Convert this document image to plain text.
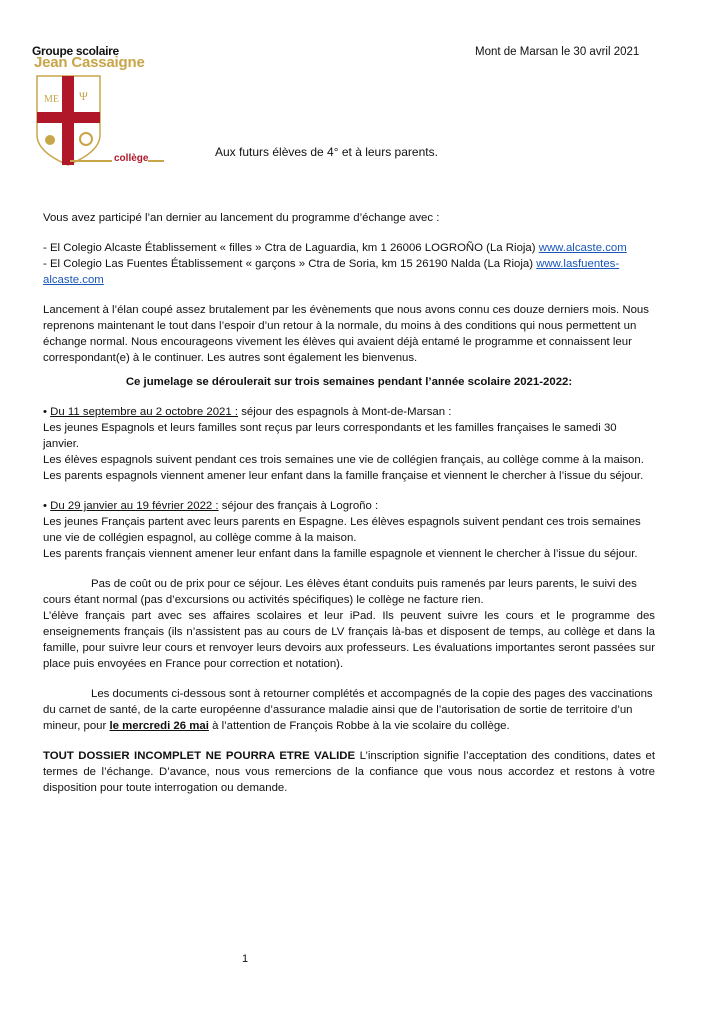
ME Ψ
Groupe scolaire
Jean Cassaigne
collège
Mont de Marsan le 30 avril 2021
Aux futurs élèves de 4° et à leurs parents.

Vous avez participé l’an dernier au lancement du programme d’échange avec :

- El Colegio Alcaste Établissement « filles » Ctra de Laguardia, km 1 26006 LOGROÑO (La Rioja) www.alcaste.com

- El Colegio Las Fuentes Établissement « garçons » Ctra de Soria, km 15 26190 Nalda (La Rioja) www.lasfuentes-alcaste.com

Lancement à l’élan coupé assez brutalement par les évènements que nous avons connu ces douze derniers mois. Nous reprenons maintenant le tout dans l’espoir d’un retour à la normale, du moins à des conditions qui nous permettent un échange normal. Nous encourageons vivement les élèves qui avaient déjà entamé le programme et connaissent leur correspondant(e) à le continuer. Les autres sont également les bienvenus.

Ce jumelage se déroulerait sur trois semaines pendant l’année scolaire 2021-2022:

• Du 11 septembre au 2 octobre 2021 : séjour des espagnols à Mont-de-Marsan :

Les jeunes Espagnols et leurs familles sont reçus par leurs correspondants et les familles françaises le samedi 30 janvier.

Les élèves espagnols suivent pendant ces trois semaines une vie de collégien français, au collège comme à la maison.

Les parents espagnols viennent amener leur enfant dans la famille française et viennent le chercher à l’issue du séjour.

• Du 29 janvier au 19 février 2022 : séjour des français à Logroño :

Les jeunes Français partent avec leurs parents en Espagne. Les élèves espagnols suivent pendant ces trois semaines une vie de collégien espagnol, au collège comme à la maison.

Les parents français viennent amener leur enfant dans la famille espagnole et viennent le chercher à l’issue du séjour.

Pas de coût ou de prix pour ce séjour. Les élèves étant conduits puis ramenés par leurs parents, le suivi des cours étant normal (pas d’excursions ou activités spécifiques) le collège ne facture rien.

L’élève français part avec ses affaires scolaires et leur iPad. Ils peuvent suivre les cours et le programme des enseignements français (ils n’assistent pas au cours de LV français là-bas et disposent de temps, au collège et dans la famille, pour suivre leur cours et renvoyer leurs devoirs aux professeurs. Les évaluations importantes seront passées sur place puis envoyées en France pour correction et notation).

Les documents ci-dessous sont à retourner complétés et accompagnés de la copie des pages des vaccinations du carnet de santé, de la carte européenne d’assurance maladie ainsi que de l’autorisation de sortie de territoire d’un mineur, pour le mercredi 26 mai à l’attention de François Robbe à la vie scolaire du collège.

TOUT DOSSIER INCOMPLET NE POURRA ETRE VALIDE L’inscription signifie l’acceptation des conditions, dates et termes de l’échange. D’avance, nous vous remercions de la confiance que vous nous accordez et restons à votre disposition pour toute interrogation ou demande.

1
